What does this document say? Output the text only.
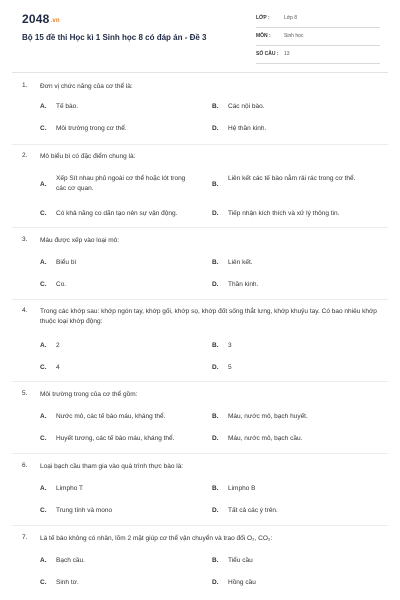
2048.vn
Bộ 15 đề thi Học kì 1 Sinh học 8 có đáp án - Đề 3
LỚP :	Lớp 8
MÔN :	Sinh học
SỐ CÂU : 13
1. Đơn vị chức năng của cơ thể là:
A. Tế bào.	B. Các nội bào.
C. Môi trường trong cơ thể.	D. Hệ thần kinh.
2. Mô biểu bì có đặc điểm chung là:
A.
Xếp Sít nhau phủ ngoài cơ thể hoặc lót trong các cơ quan.
B.
Liên kết các tế bào nằm rải rác trong cơ thể.
C. Có khả năng co dãn tạo nên sự vận động.	D. Tiếp nhận kích thích và xử lý thông tin.
3. Máu được xếp vào loại mô:
A. Biểu bì	B. Liên kết.
C. Co.	D. Thần kinh.
4. Trong các khớp sau: khớp ngón tay, khớp gối, khớp sọ, khớp đốt sống thắt lưng, khớp khuỷu tay. Có bao nhiêu khớp thuộc loại khớp động:
A. 2	B. 3
C. 4	D. 5
5. Môi trường trong của cơ thể gồm:
A. Nước mô, các tế bào máu, kháng thể.	B. Máu, nước mô, bạch huyết.
C. Huyết tương, các tế bào máu, kháng thể.	D. Máu, nước mô, bạch cầu.
6. Loại bạch cầu tham gia vào quá trình thực bào là:
A. Limpho T	B. Limpho B
C. Trung tính và mono	D. Tất cả các ý trên.
7. Là tế bào không có nhân, lõm 2 mặt giúp cơ thể vận chuyển và trao đổi O₂, CO₂:
A. Bạch cầu.	B. Tiểu cầu
C. Sinh tơ.	D. Hồng cầu
